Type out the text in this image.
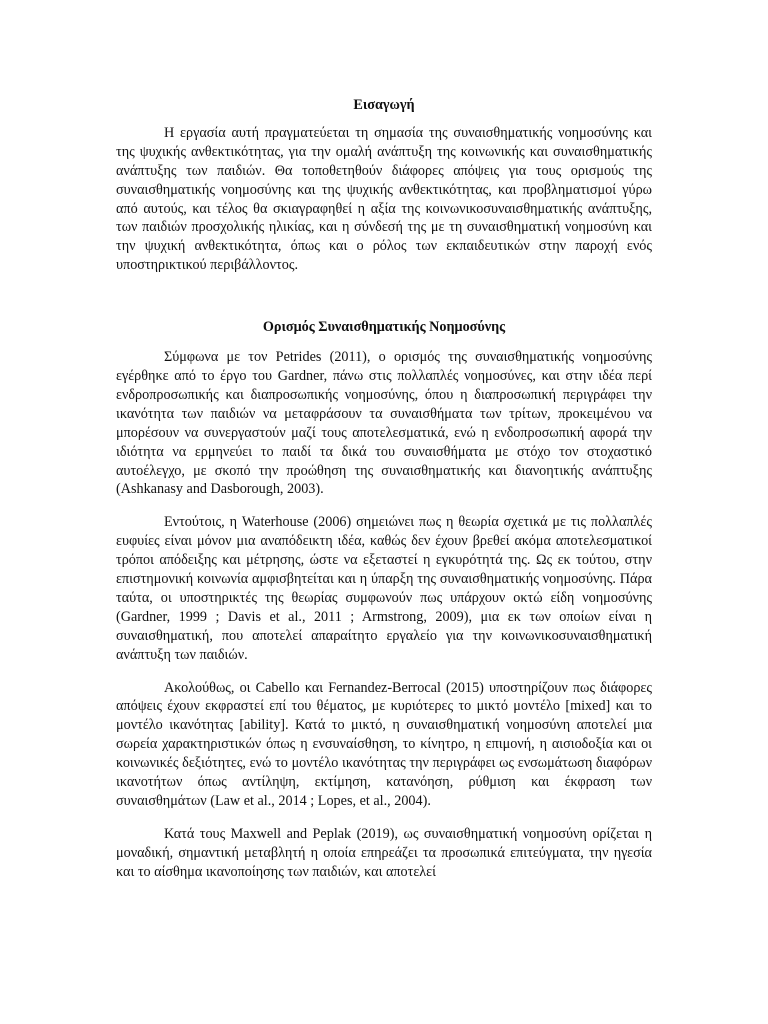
Εισαγωγή

Η εργασία αυτή πραγματεύεται τη σημασία της συναισθηματικής νοημοσύνης και της ψυχικής ανθεκτικότητας, για την ομαλή ανάπτυξη της κοινωνικής και συναισθηματικής ανάπτυξης των παιδιών. Θα τοποθετηθούν διάφορες απόψεις για τους ορισμούς της συναισθηματικής νοημοσύνης και της ψυχικής ανθεκτικότητας, και προβληματισμοί γύρω από αυτούς, και τέλος θα σκιαγραφηθεί η αξία της κοινωνικοσυναισθηματικής ανάπτυξης, των παιδιών προσχολικής ηλικίας, και η σύνδεσή της με τη συναισθηματική νοημοσύνη και την ψυχική ανθεκτικότητα, όπως και ο ρόλος των εκπαιδευτικών στην παροχή ενός υποστηρικτικού περιβάλλοντος.

Ορισμός Συναισθηματικής Νοημοσύνης

Σύμφωνα με τον Petrides (2011), ο ορισμός της συναισθηματικής νοημοσύνης εγέρθηκε από το έργο του Gardner, πάνω στις πολλαπλές νοημοσύνες, και στην ιδέα περί ενδροπροσωπικής και διαπροσωπικής νοημοσύνης, όπου η διαπροσωπική περιγράφει την ικανότητα των παιδιών να μεταφράσουν τα συναισθήματα των τρίτων, προκειμένου να μπορέσουν να συνεργαστούν μαζί τους αποτελεσματικά, ενώ η ενδοπροσωπική αφορά την ιδιότητα να ερμηνεύει το παιδί τα δικά του συναισθήματα με στόχο τον στοχαστικό αυτοέλεγχο, με σκοπό την προώθηση της συναισθηματικής και διανοητικής ανάπτυξης (Ashkanasy and Dasborough, 2003).

Εντούτοις, η Waterhouse (2006) σημειώνει πως η θεωρία σχετικά με τις πολλαπλές ευφυίες είναι μόνον μια αναπόδεικτη ιδέα, καθώς δεν έχουν βρεθεί ακόμα αποτελεσματικοί τρόποι απόδειξης και μέτρησης, ώστε να εξεταστεί η εγκυρότητά της. Ως εκ τούτου, στην επιστημονική κοινωνία αμφισβητείται και η ύπαρξη της συναισθηματικής νοημοσύνης. Πάρα ταύτα, οι υποστηρικτές της θεωρίας συμφωνούν πως υπάρχουν οκτώ είδη νοημοσύνης (Gardner, 1999 ; Davis et al., 2011 ; Armstrong, 2009), μια εκ των οποίων είναι η συναισθηματική, που αποτελεί απαραίτητο εργαλείο για την κοινωνικοσυναισθηματική ανάπτυξη των παιδιών.

Ακολούθως, οι Cabello και Fernandez-Berrocal (2015) υποστηρίζουν πως διάφορες απόψεις έχουν εκφραστεί επί του θέματος, με κυριότερες το μικτό μοντέλο [mixed] και το μοντέλο ικανότητας [ability]. Κατά το μικτό, η συναισθηματική νοημοσύνη αποτελεί μια σωρεία χαρακτηριστικών όπως η ενσυναίσθηση, το κίνητρο, η επιμονή, η αισιοδοξία και οι κοινωνικές δεξιότητες, ενώ το μοντέλο ικανότητας την περιγράφει ως ενσωμάτωση διαφόρων ικανοτήτων όπως αντίληψη, εκτίμηση, κατανόηση, ρύθμιση και έκφραση των συναισθημάτων (Law et al., 2014 ; Lopes, et al., 2004).

Κατά τους Maxwell and Peplak (2019), ως συναισθηματική νοημοσύνη ορίζεται η μοναδική, σημαντική μεταβλητή η οποία επηρεάζει τα προσωπικά επιτεύγματα, την ηγεσία και το αίσθημα ικανοποίησης των παιδιών, και αποτελεί
